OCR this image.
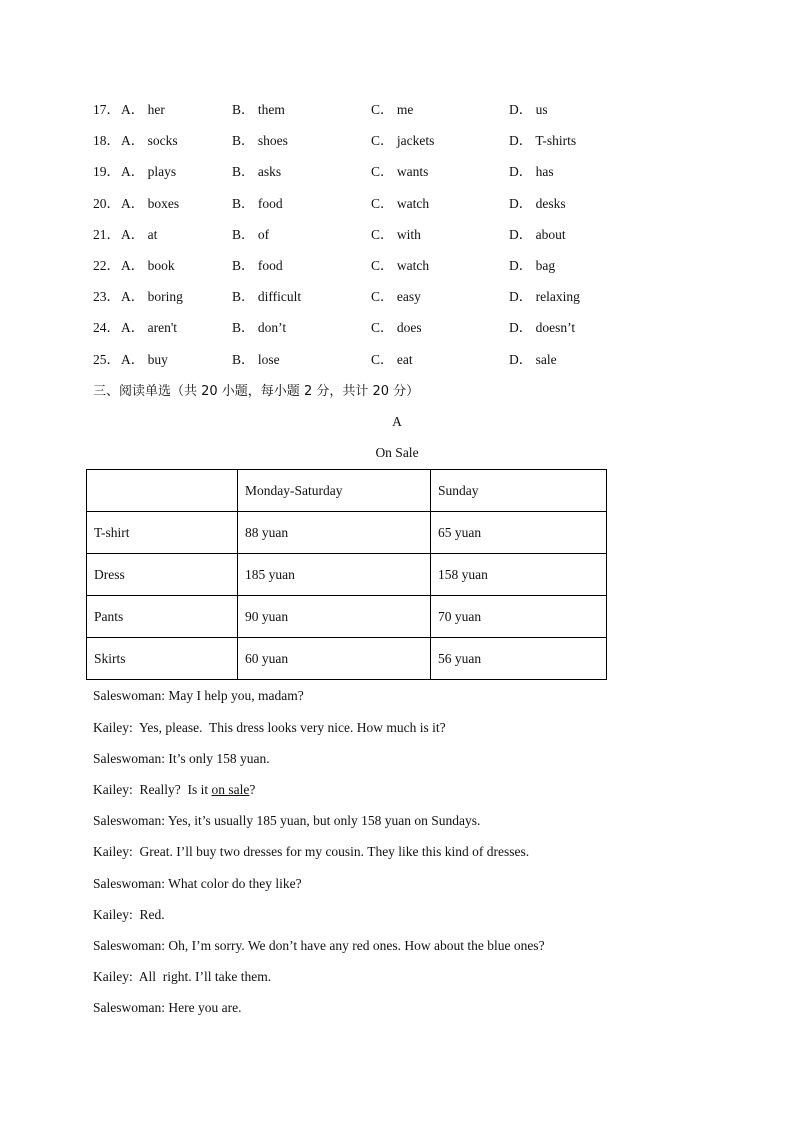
17． A． her	B． them	C． me	D． us
18． A． socks	B． shoes	C． jackets	D． T-shirts
19． A． plays	B． asks	C． wants	D． has
20． A． boxes	B． food	C． watch	D． desks
21． A． at	B． of	C． with	D． about
22． A． book	B． food	C． watch	D． bag
23． A． boring	B． difficult	C． easy	D． relaxing
24． A． aren't	B． don’t	C． does	D． doesn’t
25． A． buy	B． lose	C． eat	D． sale
三、阅读单选（共 20 小题，每小题 2 分，共计 20 分）
A
On Sale
	Monday-Saturday	Sunday
T-shirt	88 yuan	65 yuan
Dress	185 yuan	158 yuan
Pants	90 yuan	70 yuan
Skirts	60 yuan	56 yuan
Saleswoman: May I help you, madam?
Kailey:  Yes, please.  This dress looks very nice. How much is it?
Saleswoman: It’s only 158 yuan.
Kailey:  Really?  Is it on sale?
Saleswoman: Yes, it’s usually 185 yuan, but only 158 yuan on Sundays.
Kailey:  Great. I’ll buy two dresses for my cousin. They like this kind of dresses.
Saleswoman: What color do they like?
Kailey:  Red.
Saleswoman: Oh, I’m sorry. We don’t have any red ones. How about the blue ones?
Kailey:  All  right. I’ll take them.
Saleswoman: Here you are.
